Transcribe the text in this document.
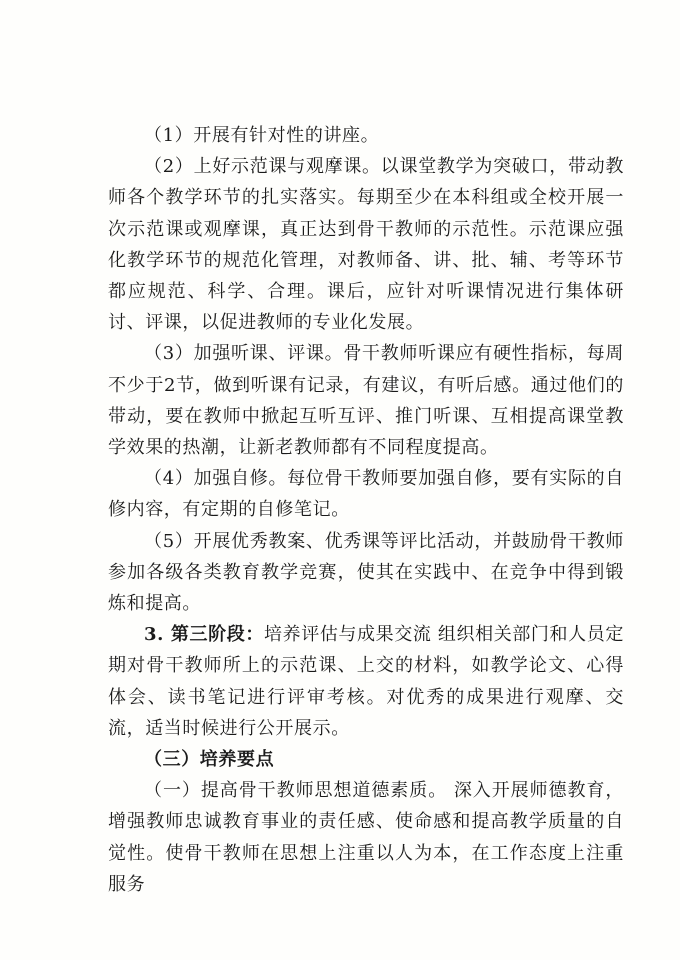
（1）开展有针对性的讲座。

（2）上好示范课与观摩课。以课堂教学为突破口，带动教师各个教学环节的扎实落实。每期至少在本科组或全校开展一次示范课或观摩课，真正达到骨干教师的示范性。示范课应强化教学环节的规范化管理，对教师备、讲、批、辅、考等环节都应规范、科学、合理。课后，应针对听课情况进行集体研讨、评课，以促进教师的专业化发展。

（3）加强听课、评课。骨干教师听课应有硬性指标，每周不少于2节，做到听课有记录，有建议，有听后感。通过他们的带动，要在教师中掀起互听互评、推门听课、互相提高课堂教学效果的热潮，让新老教师都有不同程度提高。

（4）加强自修。每位骨干教师要加强自修，要有实际的自修内容，有定期的自修笔记。

（5）开展优秀教案、优秀课等评比活动，并鼓励骨干教师参加各级各类教育教学竞赛，使其在实践中、在竞争中得到锻炼和提高。

3. 第三阶段：培养评估与成果交流 组织相关部门和人员定期对骨干教师所上的示范课、上交的材料，如教学论文、心得体会、读书笔记进行评审考核。对优秀的成果进行观摩、交流，适当时候进行公开展示。

（三）培养要点

（一）提高骨干教师思想道德素质。 深入开展师德教育，增强教师忠诚教育事业的责任感、使命感和提高教学质量的自觉性。使骨干教师在思想上注重以人为本，在工作态度上注重服务
